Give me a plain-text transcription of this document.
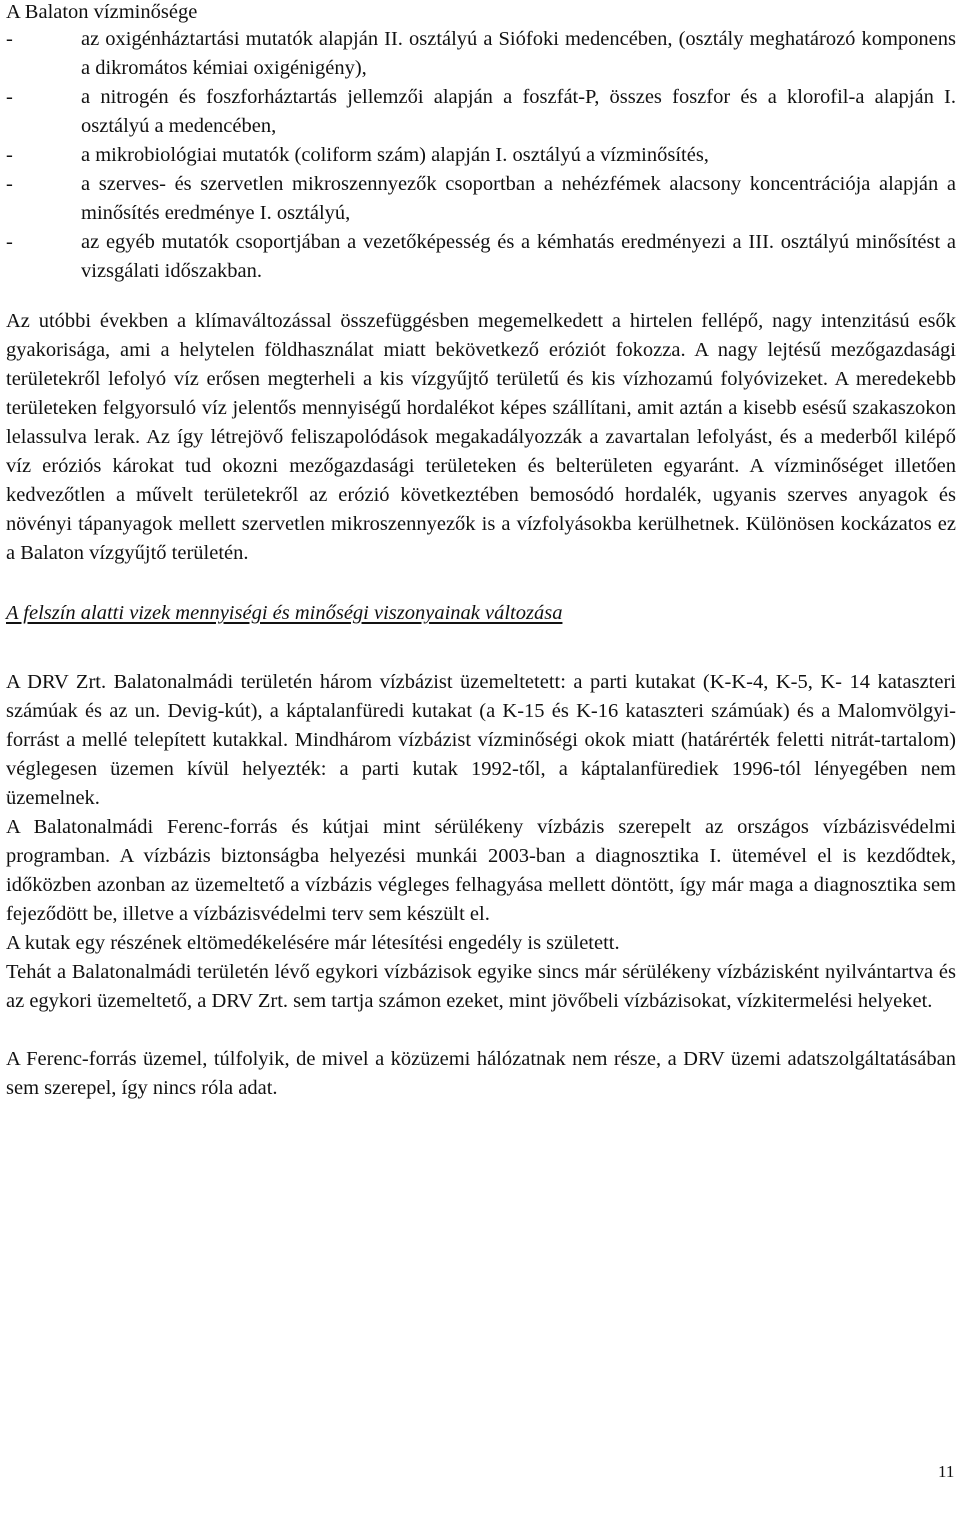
A Balaton vízminősége
-	az oxigénháztartási mutatók alapján II. osztályú a Siófoki medencében, (osztály meghatározó komponens a dikromátos kémiai oxigénigény),
-	a nitrogén és foszforháztartás jellemzői alapján a foszfát-P, összes foszfor és a klorofil-a alapján I. osztályú a medencében,
-	a mikrobiológiai mutatók (coliform szám) alapján I. osztályú a vízminősítés,
-	a szerves- és szervetlen mikroszennyezők csoportban a nehézfémek alacsony koncentrációja alapján a minősítés eredménye I. osztályú,
-	az egyéb mutatók csoportjában a vezetőképesség és a kémhatás eredményezi a III. osztályú minősítést a vizsgálati időszakban.

Az utóbbi években a klímaváltozással összefüggésben megemelkedett a hirtelen fellépő, nagy intenzitású esők gyakorisága, ami a helytelen földhasználat miatt bekövetkező eróziót fokozza. A nagy lejtésű mezőgazdasági területekről lefolyó víz erősen megterheli a kis vízgyűjtő területű és kis vízhozamú folyóvizeket. A meredekebb területeken felgyorsuló víz jelentős mennyiségű hordalékot képes szállítani, amit aztán a kisebb esésű szakaszokon lelassulva lerak. Az így létrejövő feliszapolódások megakadályozzák a zavartalan lefolyást, és a mederből kilépő víz eróziós károkat tud okozni mezőgazdasági területeken és belterületen egyaránt. A vízminőséget illetően kedvezőtlen a művelt területekről az erózió következtében bemosódó hordalék, ugyanis szerves anyagok és növényi tápanyagok mellett szervetlen mikroszennyezők is a vízfolyásokba kerülhetnek. Különösen kockázatos ez a Balaton vízgyűjtő területén.

A felszín alatti vizek mennyiségi és minőségi viszonyainak változása

A DRV Zrt. Balatonalmádi területén három vízbázist üzemeltetett: a parti kutakat (K-K-4, K-5, K- 14 kataszteri számúak és az un. Devig-kút), a káptalanfüredi kutakat (a K-15 és K-16 kataszteri számúak) és a Malomvölgyi-forrást a mellé telepített kutakkal. Mindhárom vízbázist vízminőségi okok miatt (határérték feletti nitrát-tartalom) véglegesen üzemen kívül helyezték: a parti kutak 1992-től, a káptalanfürediek 1996-tól lényegében nem üzemelnek.

A Balatonalmádi Ferenc-forrás és kútjai mint sérülékeny vízbázis szerepelt az országos vízbázisvédelmi programban. A vízbázis biztonságba helyezési munkái 2003-ban a diagnosztika I. ütemével el is kezdődtek, időközben azonban az üzemeltető a vízbázis végleges felhagyása mellett döntött, így már maga a diagnosztika sem fejeződött be, illetve a vízbázisvédelmi terv sem készült el.

A kutak egy részének eltömedékelésére már létesítési engedély is született.

Tehát a Balatonalmádi területén lévő egykori vízbázisok egyike sincs már sérülékeny vízbázisként nyilvántartva és az egykori üzemeltető, a DRV Zrt. sem tartja számon ezeket, mint jövőbeli vízbázisokat, vízkitermelési helyeket.

A Ferenc-forrás üzemel, túlfolyik, de mivel a közüzemi hálózatnak nem része, a DRV üzemi adatszolgáltatásában sem szerepel, így nincs róla adat.

11
